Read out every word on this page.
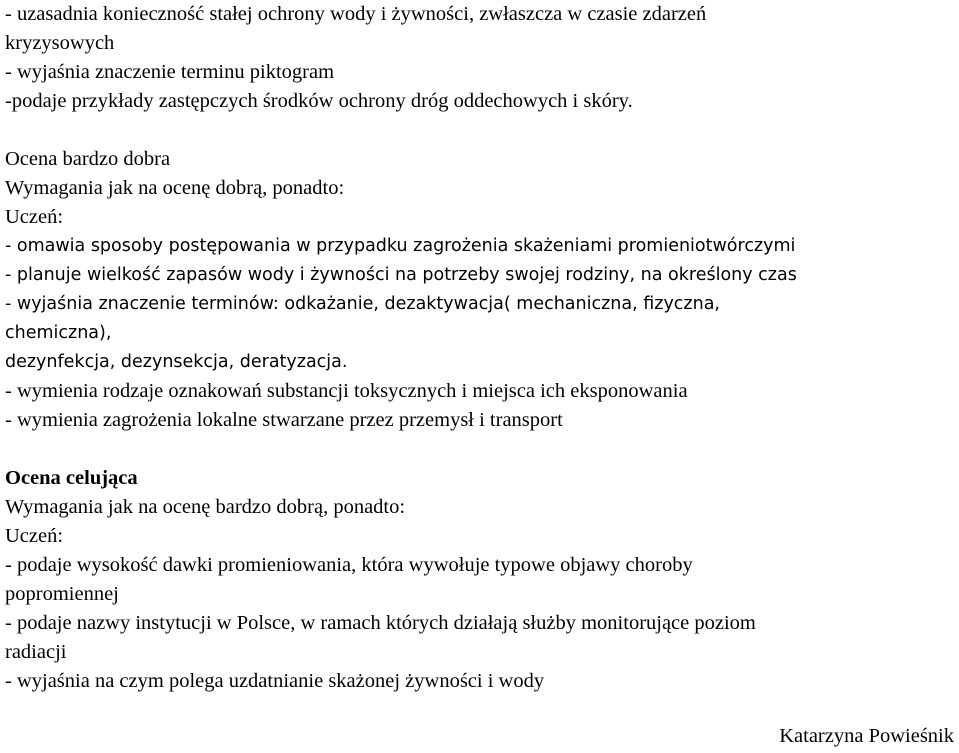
- uzasadnia konieczność stałej ochrony wody i żywności, zwłaszcza w czasie zdarzeń
kryzysowych
- wyjaśnia znaczenie terminu piktogram
-podaje przykłady zastępczych środków ochrony dróg oddechowych i skóry.
Ocena bardzo dobra
Wymagania jak na ocenę dobrą, ponadto:
Uczeń:
- omawia sposoby postępowania w przypadku zagrożenia skażeniami promieniotwórczymi
- planuje wielkość zapasów wody i żywności na potrzeby swojej rodziny, na określony czas
- wyjaśnia znaczenie terminów: odkażanie, dezaktywacja( mechaniczna, fizyczna,
chemiczna),
dezynfekcja, dezynsekcja, deratyzacja.
- wymienia rodzaje oznakowań substancji toksycznych i miejsca ich eksponowania
- wymienia zagrożenia lokalne stwarzane przez przemysł i transport
Ocena celująca
Wymagania jak na ocenę bardzo dobrą, ponadto:
Uczeń:
- podaje wysokość dawki promieniowania, która wywołuje typowe objawy choroby
popromiennej
- podaje nazwy instytucji w Polsce, w ramach których działają służby monitorujące poziom
radiacji
- wyjaśnia na czym polega uzdatnianie skażonej żywności i wody
Katarzyna Powieśnik
